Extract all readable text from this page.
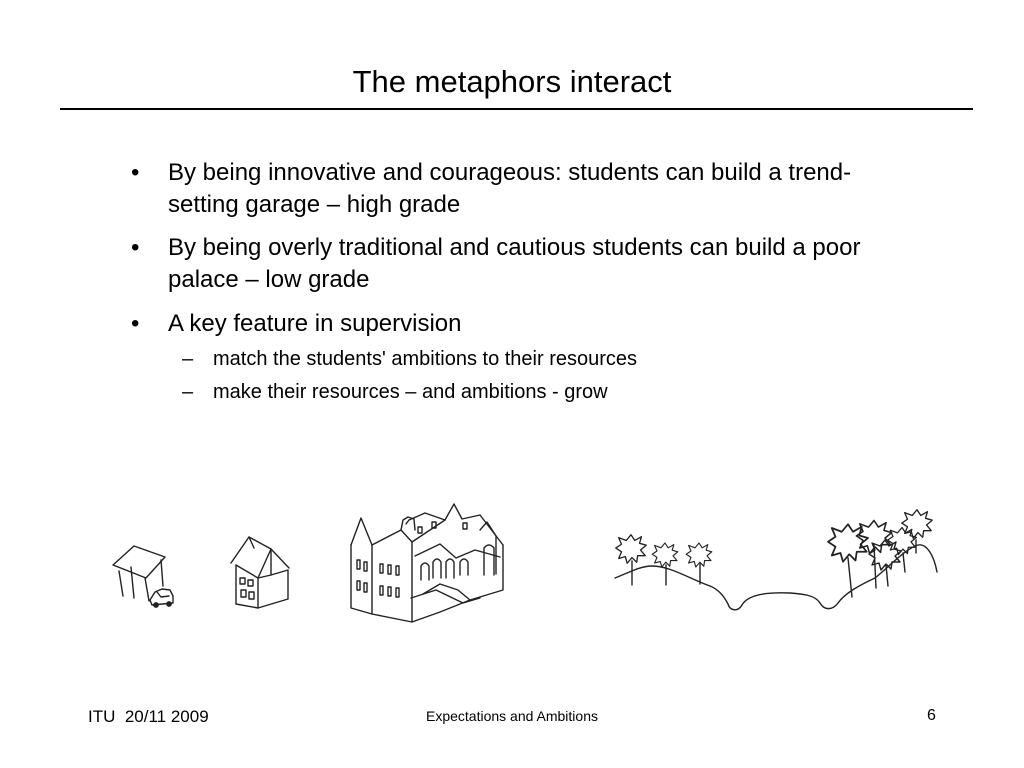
The metaphors interact
• By being innovative and courageous: students can build a trend-setting garage – high grade
• By being overly traditional and cautious students can build a poor palace – low grade
• A key feature in supervision
– match the students' ambitions to their resources
– make their resources – and ambitions - grow
ITU  20/11 2009	Expectations and Ambitions	6
